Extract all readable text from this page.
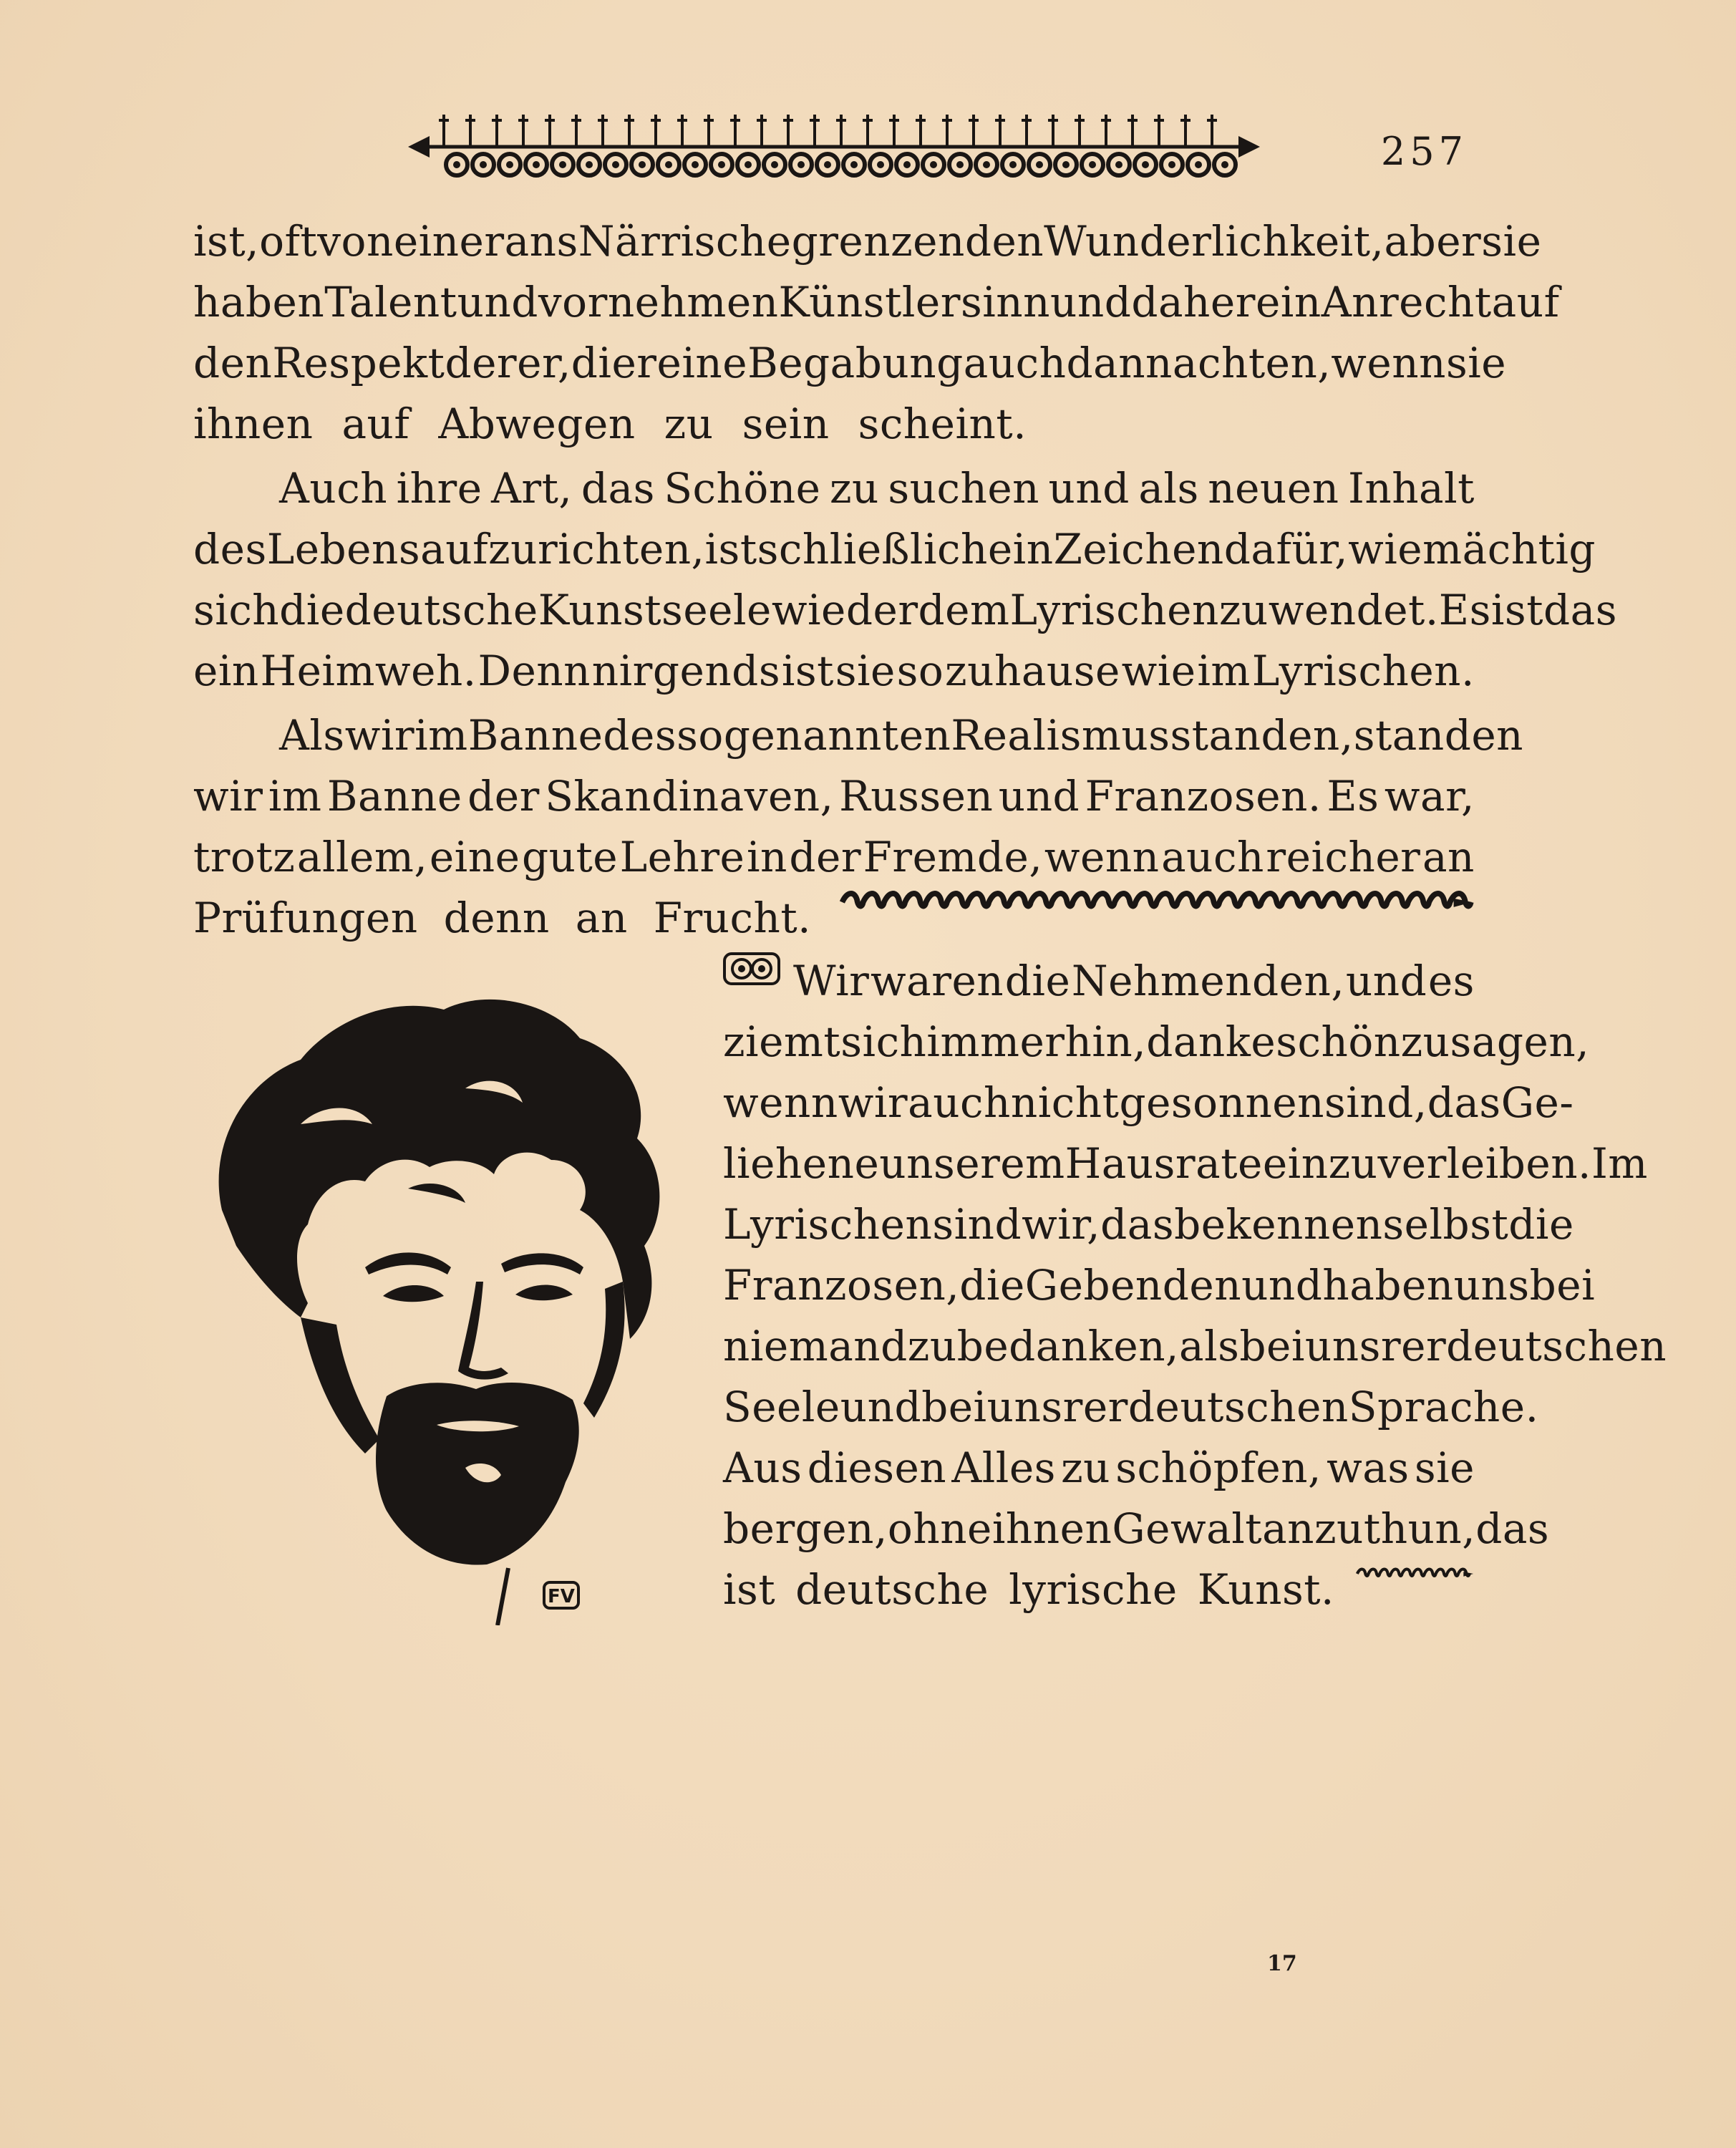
257
ist, oft von einer ans Närrische grenzenden Wunderlichkeit, aber sie
haben Talent und vornehmen Künstlersinn und daher ein Anrecht auf
den Respekt derer, die reine Begabung auch dann achten, wenn sie
ihnen auf Abwegen zu sein scheint.
Auch ihre Art, das Schöne zu suchen und als neuen Inhalt
des Lebens aufzurichten, ist schließlich ein Zeichen dafür, wie mächtig
sich die deutsche Kunstseele wieder dem Lyrischen zuwendet. Es ist das
ein Heimweh. Denn nirgends ist sie so zuhause wie im Lyrischen.
Als wir im Banne des sogenannten Realismus standen, standen
wir im Banne der Skandinaven, Russen und Franzosen. Es war,
trotz allem, eine gute Lehre in der Fremde, wenn auch reicher an
Prüfungen denn an Frucht.
FV
Wir waren die Nehmenden, und es
ziemt sich immerhin, danke schön zu sagen,
wenn wir auch nicht gesonnen sind, das Ge-
liehene unserem Hausrate einzuverleiben. Im
Lyrischen sind wir, das bekennen selbst die
Franzosen, die Gebenden und haben uns bei
niemand zu bedanken, als bei unsrer deutschen
Seele und bei unsrer deutschen Sprache.
Aus diesen Alles zu schöpfen, was sie
bergen, ohne ihnen Gewalt anzuthun, das
ist deutsche lyrische Kunst.
17
